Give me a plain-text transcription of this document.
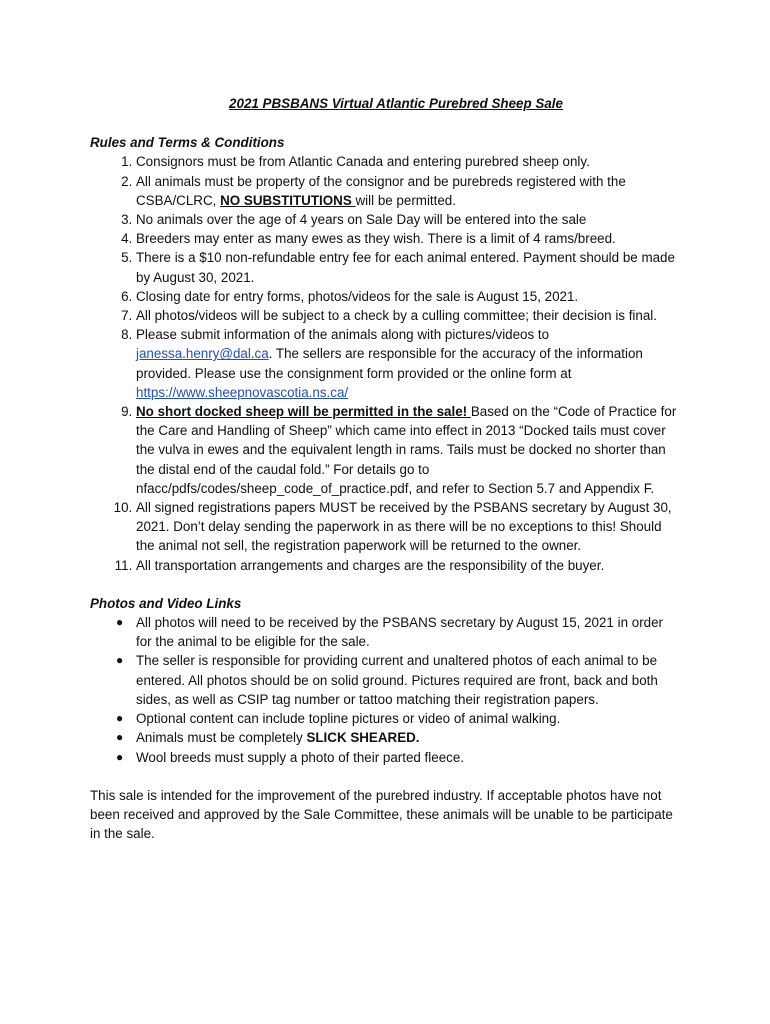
2021 PBSBANS Virtual Atlantic Purebred Sheep Sale

Rules and Terms & Conditions

1. Consignors must be from Atlantic Canada and entering purebred sheep only.
2. All animals must be property of the consignor and be purebreds registered with the CSBA/CLRC, NO SUBSTITUTIONS will be permitted.
3. No animals over the age of 4 years on Sale Day will be entered into the sale
4. Breeders may enter as many ewes as they wish. There is a limit of 4 rams/breed.
5. There is a $10 non-refundable entry fee for each animal entered. Payment should be made by August 30, 2021.
6. Closing date for entry forms, photos/videos for the sale is August 15, 2021.
7. All photos/videos will be subject to a check by a culling committee; their decision is final.
8. Please submit information of the animals along with pictures/videos to janessa.henry@dal.ca. The sellers are responsible for the accuracy of the information provided. Please use the consignment form provided or the online form at https://www.sheepnovascotia.ns.ca/
9. No short docked sheep will be permitted in the sale! Based on the “Code of Practice for the Care and Handling of Sheep” which came into effect in 2013 “Docked tails must cover the vulva in ewes and the equivalent length in rams. Tails must be docked no shorter than the distal end of the caudal fold.” For details go to nfacc/pdfs/codes/sheep_code_of_practice.pdf, and refer to Section 5.7 and Appendix F.
10. All signed registrations papers MUST be received by the PSBANS secretary by August 30, 2021. Don’t delay sending the paperwork in as there will be no exceptions to this! Should the animal not sell, the registration paperwork will be returned to the owner.
11. All transportation arrangements and charges are the responsibility of the buyer.

Photos and Video Links

● All photos will need to be received by the PSBANS secretary by August 15, 2021 in order for the animal to be eligible for the sale.
● The seller is responsible for providing current and unaltered photos of each animal to be entered. All photos should be on solid ground. Pictures required are front, back and both sides, as well as CSIP tag number or tattoo matching their registration papers.
● Optional content can include topline pictures or video of animal walking.
● Animals must be completely SLICK SHEARED.
● Wool breeds must supply a photo of their parted fleece.

This sale is intended for the improvement of the purebred industry. If acceptable photos have not been received and approved by the Sale Committee, these animals will be unable to be participate in the sale.
